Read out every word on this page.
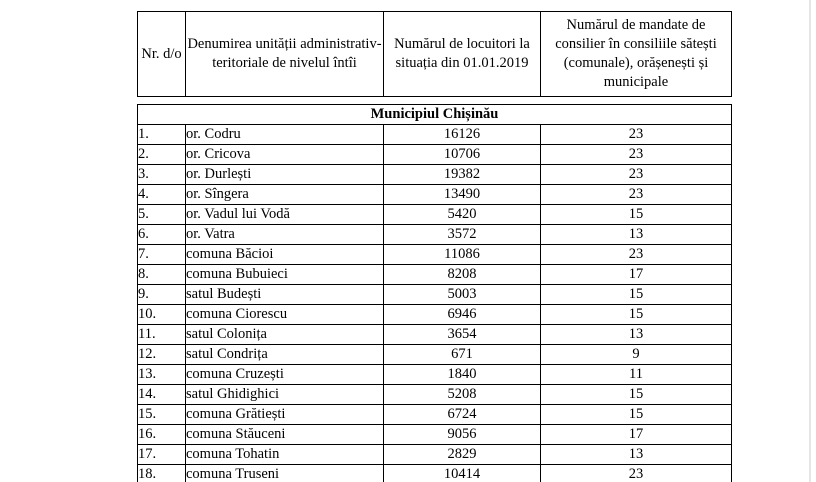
Nr. d/o	Denumirea unității administrativ-teritoriale de nivelul întîi	Numărul de locuitori la situația din 01.01.2019	Numărul de mandate de consilier în consiliile sătești (comunale), orășenești și municipale

Municipiul Chișinău			
1.	or. Codru	16126	23
2.	or. Cricova	10706	23
3.	or. Durlești	19382	23
4.	or. Sîngera	13490	23
5.	or. Vadul lui Vodă	5420	15
6.	or. Vatra	3572	13
7.	comuna Băcioi	11086	23
8.	comuna Bubuieci	8208	17
9.	satul Budești	5003	15
10.	comuna Ciorescu	6946	15
11.	satul Colonița	3654	13
12.	satul Condrița	671	9
13.	comuna Cruzești	1840	11
14.	satul Ghidighici	5208	15
15.	comuna Grătiești	6724	15
16.	comuna Stăuceni	9056	17
17.	comuna Tohatin	2829	13
18.	comuna Truseni	10414	23
